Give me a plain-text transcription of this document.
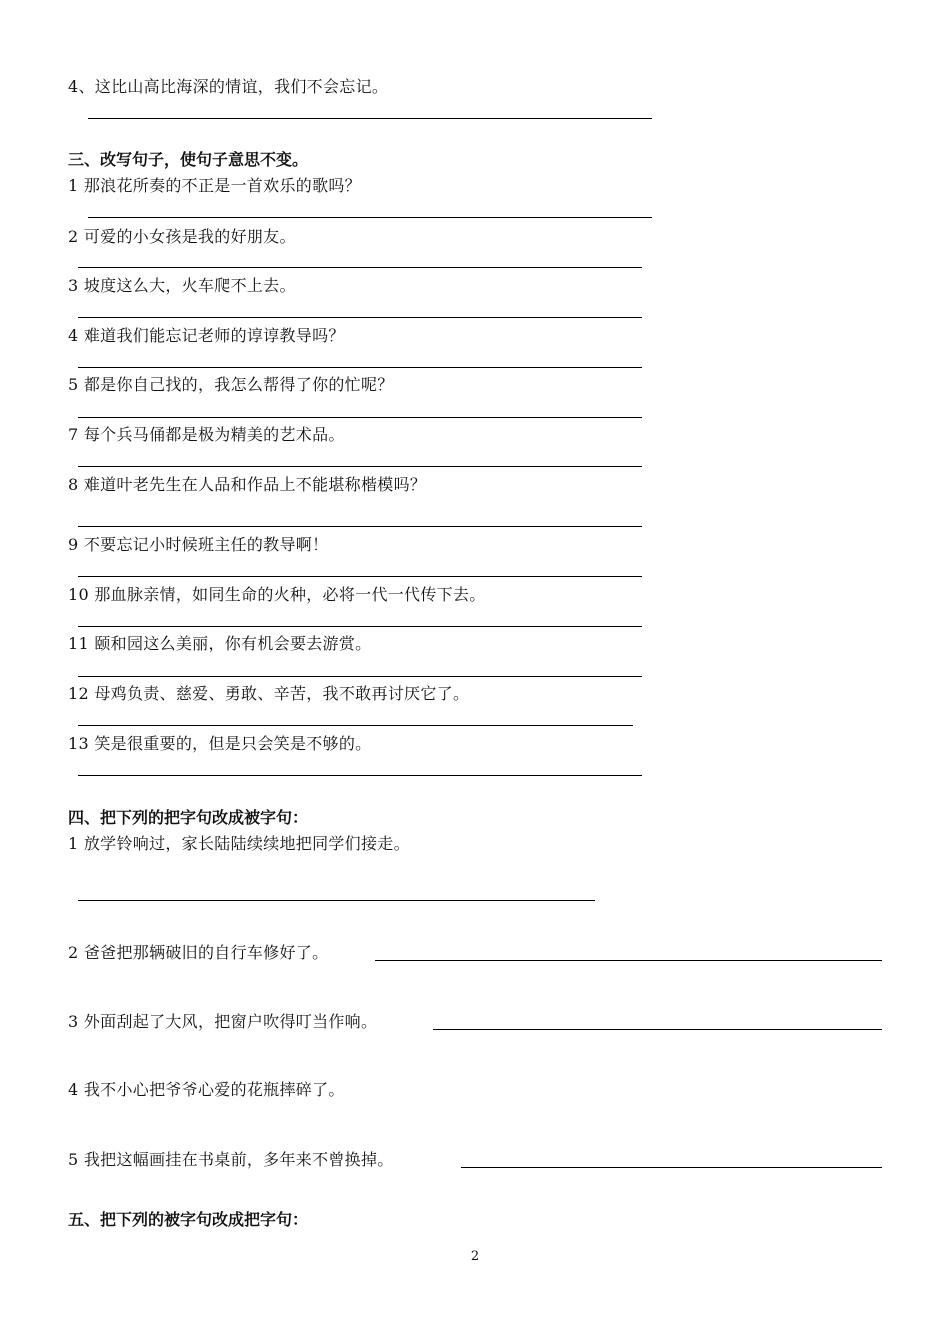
4、这比山高比海深的情谊，我们不会忘记。
三、改写句子，使句子意思不变。
1 那浪花所奏的不正是一首欢乐的歌吗？
2 可爱的小女孩是我的好朋友。
3 坡度这么大，火车爬不上去。
4 难道我们能忘记老师的谆谆教导吗？
5 都是你自己找的，我怎么帮得了你的忙呢？
7 每个兵马俑都是极为精美的艺术品。
8 难道叶老先生在人品和作品上不能堪称楷模吗？
9 不要忘记小时候班主任的教导啊！
10 那血脉亲情，如同生命的火种，必将一代一代传下去。
11 颐和园这么美丽，你有机会要去游赏。
12 母鸡负责、慈爱、勇敢、辛苦，我不敢再讨厌它了。
13 笑是很重要的，但是只会笑是不够的。
四、把下列的把字句改成被字句：
1 放学铃响过，家长陆陆续续地把同学们接走。
2 爸爸把那辆破旧的自行车修好了。
3 外面刮起了大风，把窗户吹得叮当作响。
4 我不小心把爷爷心爱的花瓶摔碎了。
5 我把这幅画挂在书桌前，多年来不曾换掉。
五、把下列的被字句改成把字句：
2
